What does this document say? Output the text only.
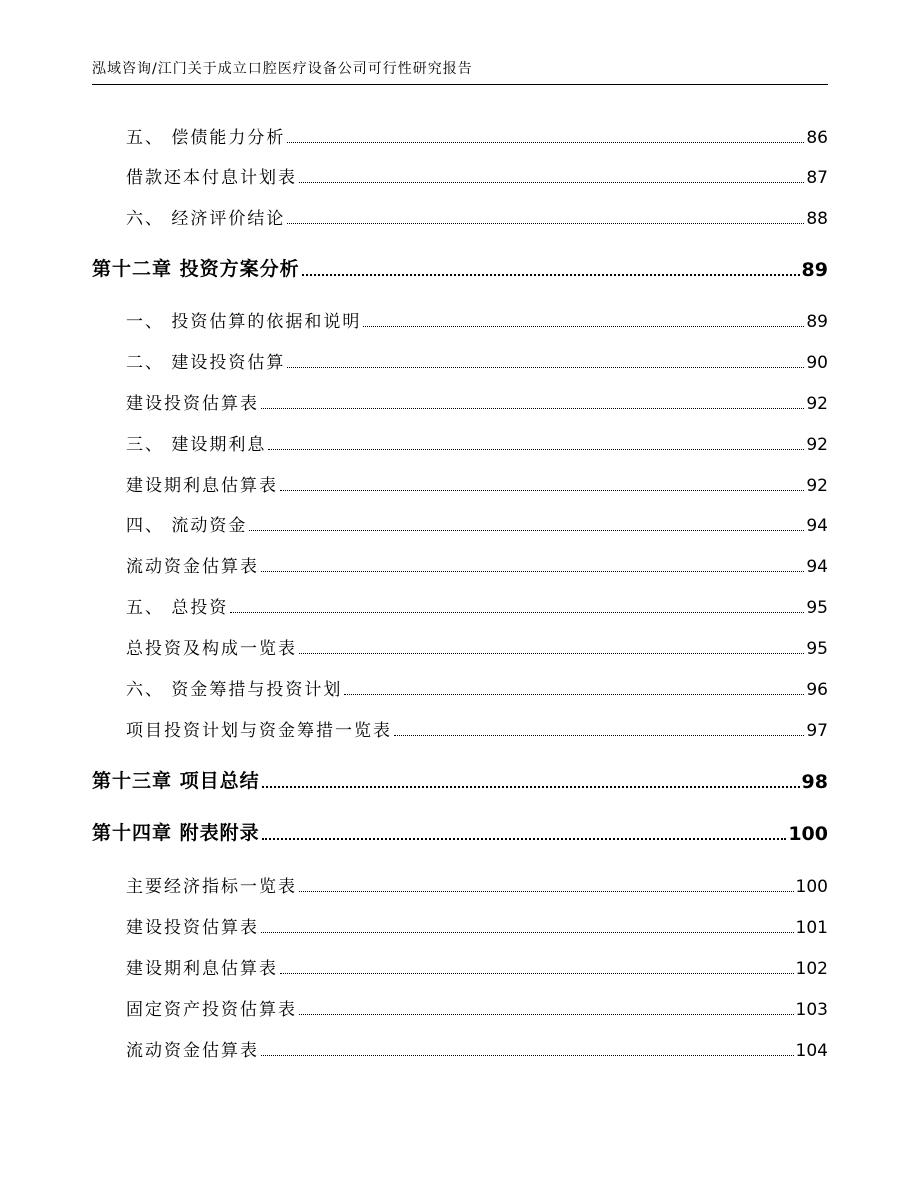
泓域咨询/江门关于成立口腔医疗设备公司可行性研究报告
五、 偿债能力分析	86
借款还本付息计划表	87
六、 经济评价结论	88
第十二章 投资方案分析	89
一、 投资估算的依据和说明	89
二、 建设投资估算	90
建设投资估算表	92
三、 建设期利息	92
建设期利息估算表	92
四、 流动资金	94
流动资金估算表	94
五、 总投资	95
总投资及构成一览表	95
六、 资金筹措与投资计划	96
项目投资计划与资金筹措一览表	97
第十三章 项目总结	98
第十四章 附表附录	100
主要经济指标一览表	100
建设投资估算表	101
建设期利息估算表	102
固定资产投资估算表	103
流动资金估算表	104
